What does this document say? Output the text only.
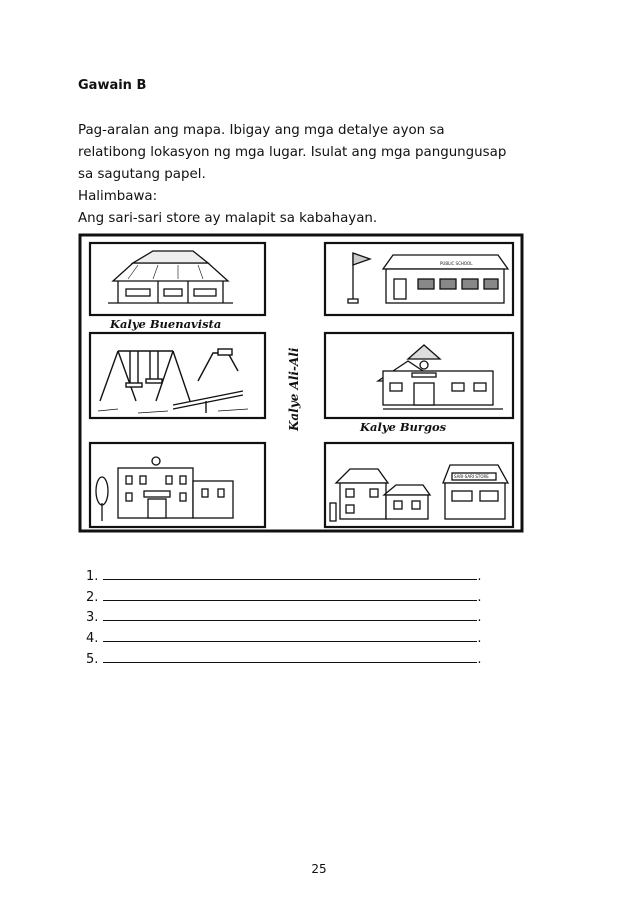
Gawain B
Pag-aralan ang mapa. Ibigay ang mga detalye ayon sa
relatibong lokasyon ng mga lugar. Isulat ang mga pangungusap
sa sagutang papel.
Halimbawa:
Ang sari-sari store ay malapit sa kabahayan.
PUBLIC SCHOOL
SARI-SARI STORE
Kalye Buenavista
Kalye Burgos
Kalye Ali-Ali
1.	.
2.	.
3.	.
4.	.
5.	.
25
